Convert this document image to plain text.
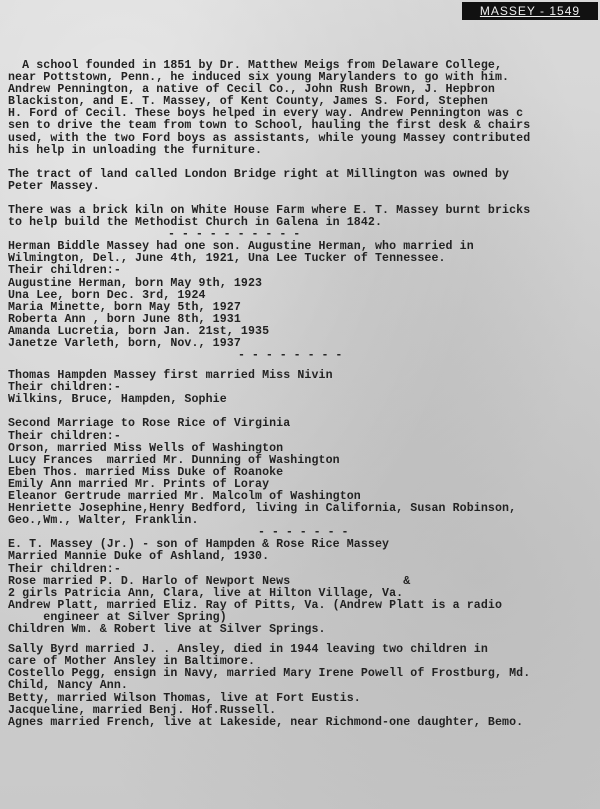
MASSEY - 1549
A school founded in 1851 by Dr. Matthew Meigs from Delaware College,
near Pottstown, Penn., he induced six young Marylanders to go with him.
Andrew Pennington, a native of Cecil Co., John Rush Brown, J. Hepbron
Blackiston, and E. T. Massey, of Kent County, James S. Ford, Stephen
H. Ford of Cecil. These boys helped in every way. Andrew Pennington was c
sen to drive the team from town to School, hauling the first desk & chairs
used, with the two Ford boys as assistants, while young Massey contributed
his help in unloading the furniture.
The tract of land called London Bridge right at Millington was owned by
Peter Massey.
There was a brick kiln on White House Farm where E. T. Massey burnt bricks
to help build the Methodist Church in Galena in 1842.
- - - - - - - - - -
Herman Biddle Massey had one son. Augustine Herman, who married in
Wilmington, Del., June 4th, 1921, Una Lee Tucker of Tennessee.
Their children:-
Augustine Herman, born May 9th, 1923
Una Lee, born Dec. 3rd, 1924
Maria Minette, born May 5th, 1927
Roberta Ann , born June 8th, 1931
Amanda Lucretia, born Jan. 21st, 1935
Janetze Varleth, born, Nov., 1937
- - - - - - - -
Thomas Hampden Massey first married Miss Nivin
Their children:-
Wilkins, Bruce, Hampden, Sophie
Second Marriage to Rose Rice of Virginia
Their children:-
Orson, married Miss Wells of Washington
Lucy Frances  married Mr. Dunning of Washington
Eben Thos. married Miss Duke of Roanoke
Emily Ann married Mr. Prints of Loray
Eleanor Gertrude married Mr. Malcolm of Washington
Henriette Josephine,Henry Bedford, living in California, Susan Robinson,
Geo.,Wm., Walter, Franklin.
- - - - - - -
E. T. Massey (Jr.) - son of Hampden & Rose Rice Massey
Married Mannie Duke of Ashland, 1930.
Their children:-
Rose married P. D. Harlo of Newport News                &
2 girls Patricia Ann, Clara, live at Hilton Village, Va.
Andrew Platt, married Eliz. Ray of Pitts, Va. (Andrew Platt is a radio
engineer at Silver Spring)
Children Wm. & Robert live at Silver Springs.
Sally Byrd married J. . Ansley, died in 1944 leaving two children in
care of Mother Ansley in Baltimore.
Costello Pegg, ensign in Navy, married Mary Irene Powell of Frostburg, Md.
Child, Nancy Ann.
Betty, married Wilson Thomas, live at Fort Eustis.
Jacqueline, married Benj. Hof.Russell.
Agnes married French, live at Lakeside, near Richmond-one daughter, Bemo.
